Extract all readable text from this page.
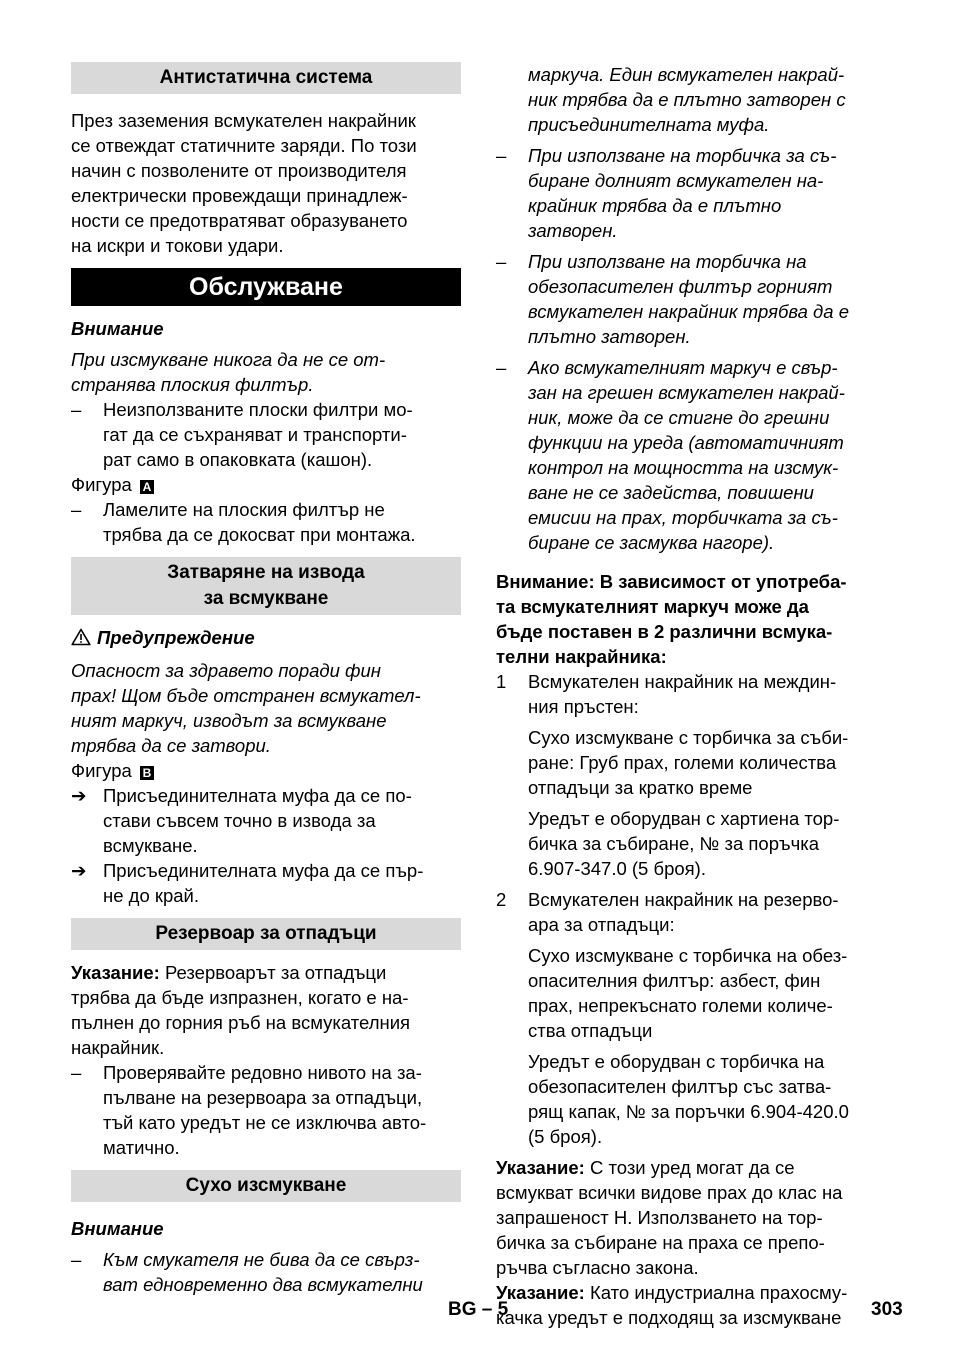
Антистатична система

През заземения всмукателен накрайник
се отвеждат статичните заряди. По този
начин с позволените от производителя
електрически провеждащи принадлеж-
ности се предотвратяват образуването
на искри и токови удари.

Обслужване

Внимание

При изсмукване никога да не се от-
странява плоския филтър.

– Неизползваните плоски филтри мо-
гат да се съхраняват и транспорти-
рат само в опаковката (кашон).

Фигура A

– Ламелите на плоския филтър не
трябва да се докосват при монтажа.
Затваряне на извода
за всмукване

Предупреждение

Опасност за здравето поради фин
прах! Щом бъде отстранен всмукател-
ният маркуч, изводът за всмукване
трябва да се затвори.

Фигура B

➔ Присъединителната муфа да се по-
стави съвсем точно в извода за
всмукване.
➔ Присъединителната муфа да се пър-
не до край.
Резервоар за отпадъци

Указание: Резервоарът за отпадъци
трябва да бъде изпразнен, когато е на-
пълнен до горния ръб на всмукателния
накрайник.

– Проверявайте редовно нивото на за-
пълване на резервоара за отпадъци,
тъй като уредът не се изключва авто-
матично.
Сухо изсмукване

Внимание

– Към смукателя не бива да се свърз-
ват едновременно два всмукателни
маркуча. Един всмукателен накрай-
ник трябва да е плътно затворен с
присъединителната муфа.
– При използване на торбичка за съ-
биране долният всмукателен на-
крайник трябва да е плътно
затворен.
– При използване на торбичка на
обезопасителен филтър горният
всмукателен накрайник трябва да е
плътно затворен.
– Ако всмукателният маркуч е свър-
зан на грешен всмукателен накрай-
ник, може да се стигне до грешни
функции на уреда (автоматичният
контрол на мощността на изсмук-
ване не се задейства, повишени
емисии на прах, торбичката за съ-
биране се засмуква нагоре).

Внимание: В зависимост от употреба-
та всмукателният маркуч може да
бъде поставен в 2 различни всмука-
телни накрайника:

1 Всмукателен накрайник на междин-
ния пръстен:
Сухо изсмукване с торбичка за съби-
ране: Груб прах, големи количества
отпадъци за кратко време
Уредът е оборудван с хартиена тор-
бичка за събиране, № за поръчка
6.907-347.0 (5 броя).
2 Всмукателен накрайник на резерво-
ара за отпадъци:
Сухо изсмукване с торбичка на обез-
опасителния филтър: азбест, фин
прах, непрекъснато големи количе-
ства отпадъци
Уредът е оборудван с торбичка на
обезопасителен филтър със затва-
рящ капак, № за поръчки 6.904-420.0
(5 броя).

Указание: С този уред могат да се
всмукват всички видове прах до клас на
запрашеност H. Използването на тор-
бичка за събиране на праха се препо-
ръчва съгласно закона.

Указание: Като индустриална прахосму-
качка уредът е подходящ за изсмукване

BG – 5	303
